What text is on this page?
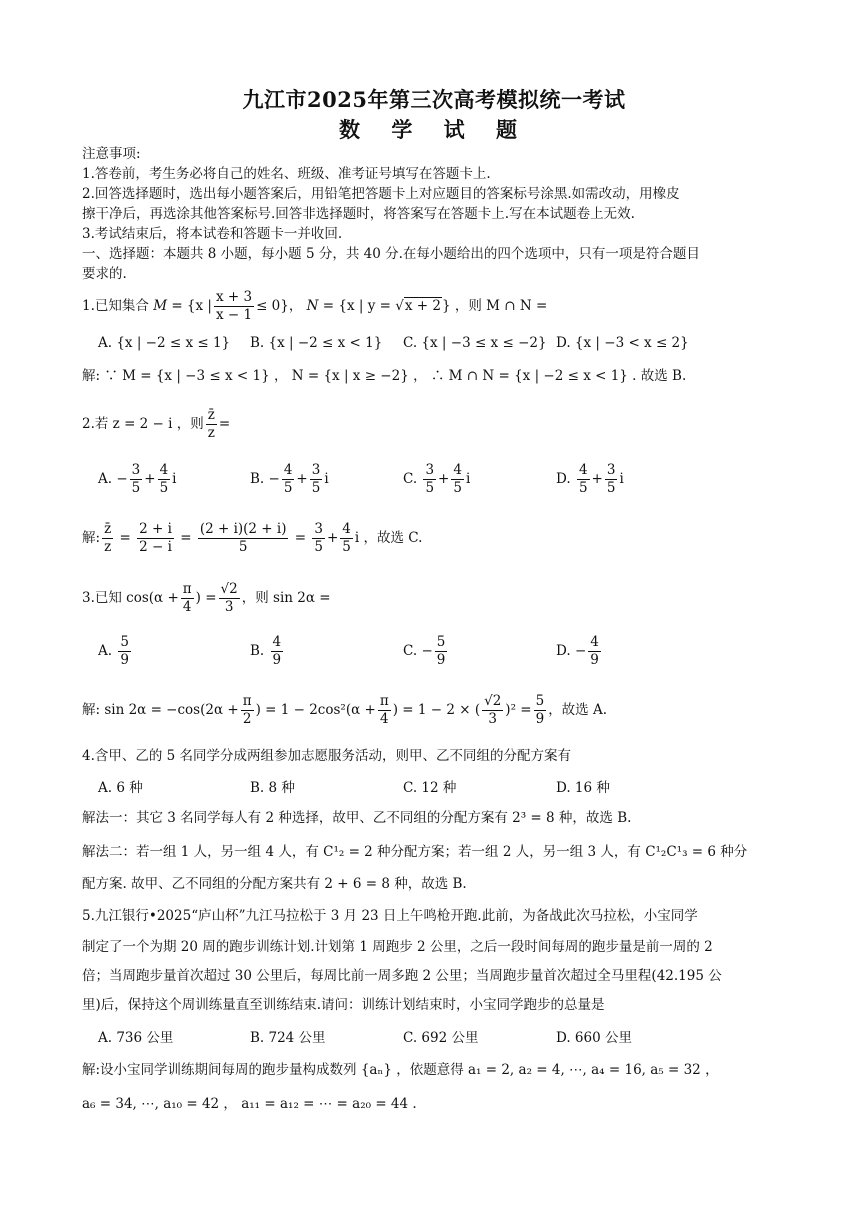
九江市2025年第三次高考模拟统一考试
数 学 试 题
注意事项:
1.答卷前，考生务必将自己的姓名、班级、准考证号填写在答题卡上.
2.回答选择题时，选出每小题答案后，用铅笔把答题卡上对应题目的答案标号涂黑.如需改动，用橡皮
擦干净后，再选涂其他答案标号.回答非选择题时，将答案写在答题卡上.写在本试题卷上无效.
3.考试结束后，将本试卷和答题卡一并收回.
一、选择题：本题共 8 小题，每小题 5 分，共 40 分.在每小题给出的四个选项中，只有一项是符合题目
要求的.
1.已知集合 M = {x | $\frac{x + 3}{x - 1} \le 0$}， N = {x | y = √x + 2} ，则 M ∩ N =
A. {x | −2 ≤ x ≤ 1} B. {x | −2 ≤ x < 1} C. {x | −3 ≤ x ≤ −2} D. {x | −3 < x ≤ 2}
解: ∵ M = {x | −3 ≤ x < 1} ， N = {x | x ≥ −2} ， ∴ M ∩ N = {x | −2 ≤ x < 1} . 故选 B.
2.若 z = 2 − i ，则 $\frac{z̄}{z}$ =
A. − $\frac{3}{5} + \frac{4}{5}$ i	B. − $\frac{4}{5} + \frac{3}{5}$ i	C. $\frac{3}{5} + \frac{4}{5}$ i	D. $\frac{4}{5} + \frac{3}{5}$ i
解: $\frac{z̄}{z} = \frac{2 + i}{2 - i} = \frac{(2 + i)(2 + i)}{5} = \frac{3}{5} + \frac{4}{5}$ i ，故选 C.
3.已知 $\cos(\alpha + \frac{\pi}{4}$ ) = $\frac{√2}{3}$ ，则 sin 2α =
A. $\frac{5}{9}$	B. $\frac{4}{9}$	C. − $\frac{5}{9}$	D. − $\frac{4}{9}$
解: $\sin 2\alpha = -\cos(2\alpha + \frac{\pi}{2}$ ) = $1 - 2\cos^2(\alpha + \frac{\pi}{4}$ ) = 1 − 2 × ( $\frac{√2}{3} )^2 = \frac{5}{9}$ ，故选 A.
4.含甲、乙的 5 名同学分成两组参加志愿服务活动，则甲、乙不同组的分配方案有
A. 6 种	B. 8 种	C. 12 种	D. 16 种
解法一：其它 3 名同学每人有 2 种选择，故甲、乙不同组的分配方案有 2³ = 8 种，故选 B.
解法二：若一组 1 人，另一组 4 人，有 C¹₂ = 2 种分配方案；若一组 2 人，另一组 3 人，有 C¹₂C¹₃ = 6 种分
配方案. 故甲、乙不同组的分配方案共有 2 + 6 = 8 种，故选 B.
5.九江银行•2025“庐山杯”九江马拉松于 3 月 23 日上午鸣枪开跑.此前，为备战此次马拉松，小宝同学
制定了一个为期 20 周的跑步训练计划.计划第 1 周跑步 2 公里，之后一段时间每周的跑步量是前一周的 2
倍；当周跑步量首次超过 30 公里后，每周比前一周多跑 2 公里；当周跑步量首次超过全马里程(42.195 公
里)后，保持这个周训练量直至训练结束.请问：训练计划结束时，小宝同学跑步的总量是
A. 736 公里	B. 724 公里	C. 692 公里	D. 660 公里
解:设小宝同学训练期间每周的跑步量构成数列 {aₙ} ，依题意得 a₁ = 2, a₂ = 4, ⋯, a₄ = 16, a₅ = 32 ，
a₆ = 34, ⋯, a₁₀ = 42 ， a₁₁ = a₁₂ = ⋯ = a₂₀ = 44 .
